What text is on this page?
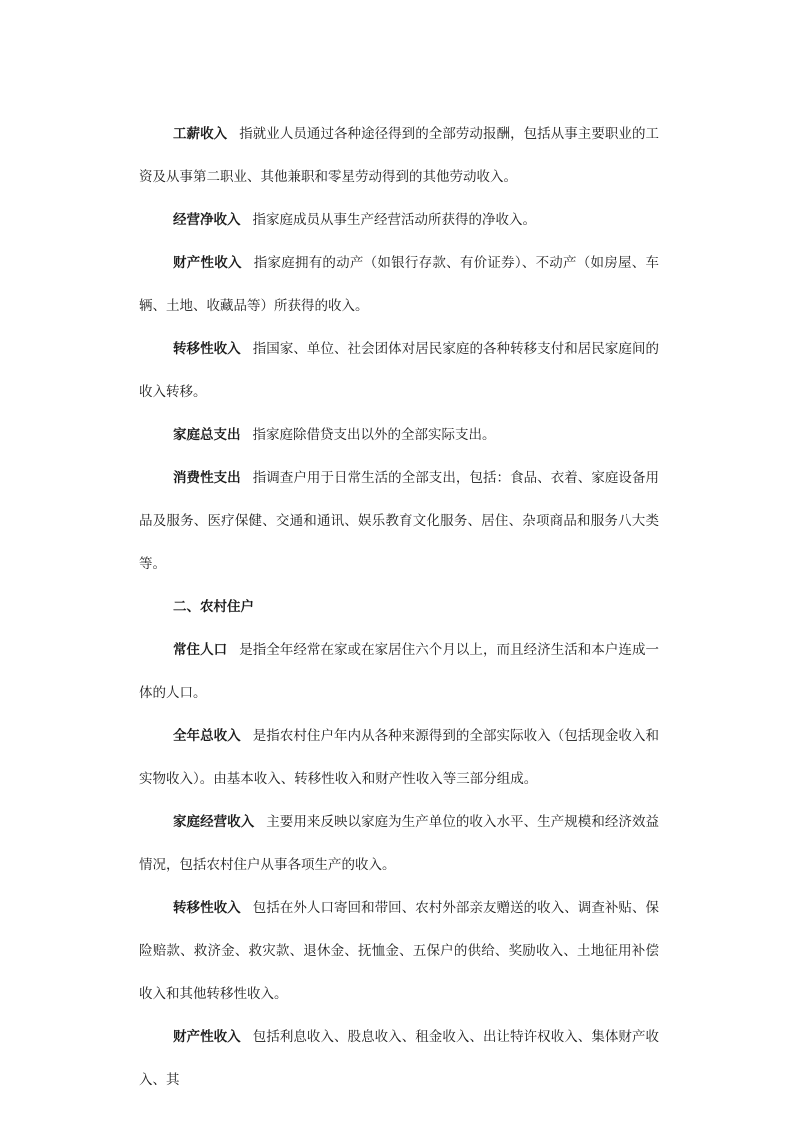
工薪收入 指就业人员通过各种途径得到的全部劳动报酬，包括从事主要职业的工资及从事第二职业、其他兼职和零星劳动得到的其他劳动收入。

经营净收入 指家庭成员从事生产经营活动所获得的净收入。

财产性收入 指家庭拥有的动产（如银行存款、有价证券）、不动产（如房屋、车辆、土地、收藏品等）所获得的收入。

转移性收入 指国家、单位、社会团体对居民家庭的各种转移支付和居民家庭间的收入转移。

家庭总支出 指家庭除借贷支出以外的全部实际支出。

消费性支出 指调查户用于日常生活的全部支出，包括：食品、衣着、家庭设备用品及服务、医疗保健、交通和通讯、娱乐教育文化服务、居住、杂项商品和服务八大类等。

二、农村住户

常住人口 是指全年经常在家或在家居住六个月以上，而且经济生活和本户连成一体的人口。

全年总收入 是指农村住户年内从各种来源得到的全部实际收入（包括现金收入和实物收入）。由基本收入、转移性收入和财产性收入等三部分组成。

家庭经营收入 主要用来反映以家庭为生产单位的收入水平、生产规模和经济效益情况，包括农村住户从事各项生产的收入。

转移性收入 包括在外人口寄回和带回、农村外部亲友赠送的收入、调查补贴、保险赔款、救济金、救灾款、退休金、抚恤金、五保户的供给、奖励收入、土地征用补偿收入和其他转移性收入。

财产性收入 包括利息收入、股息收入、租金收入、出让特许权收入、集体财产收入、其
